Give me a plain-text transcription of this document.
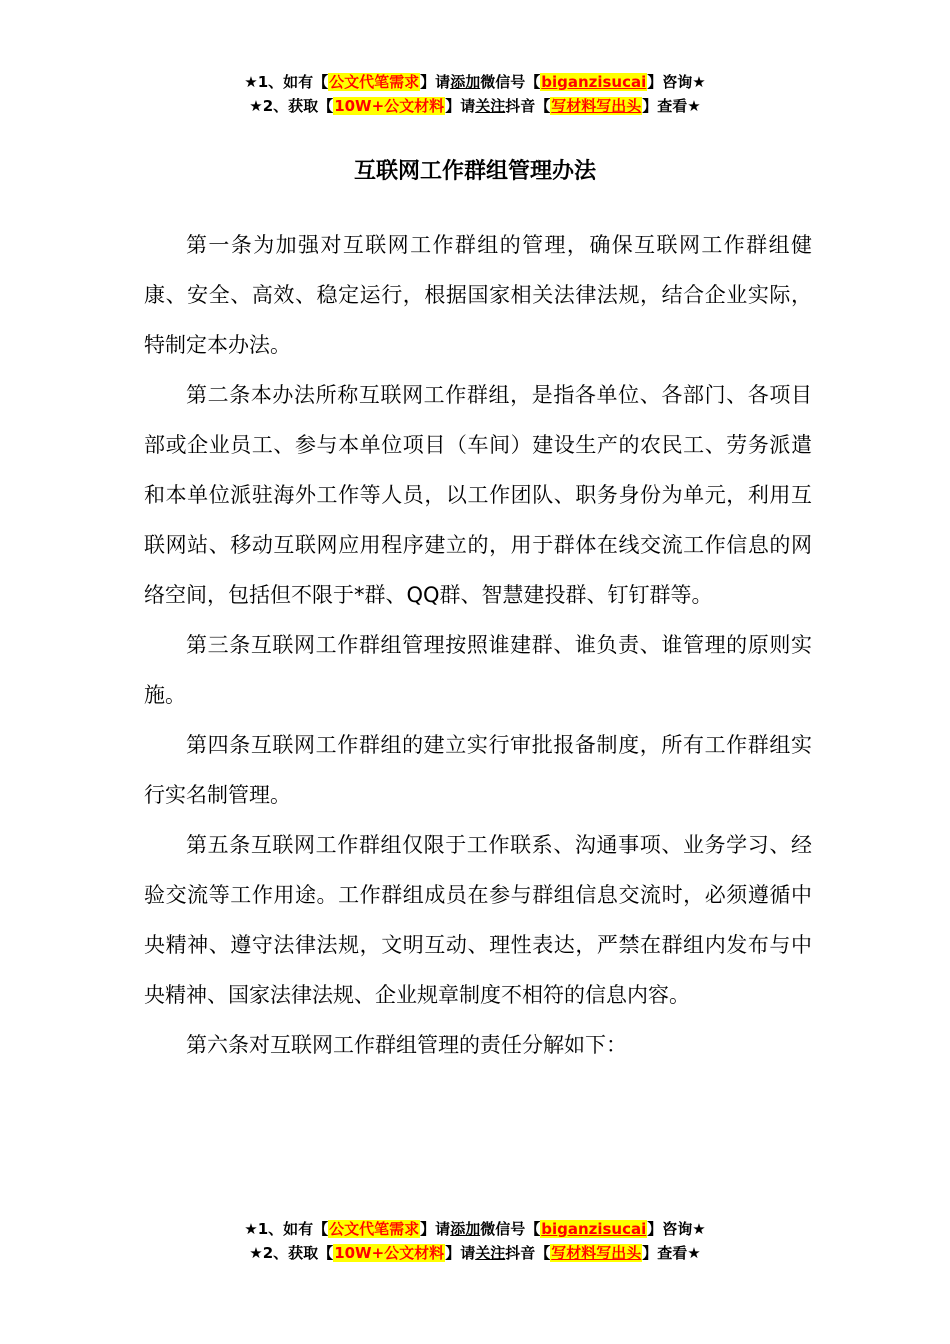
★1、如有【公文代笔需求】请添加微信号【biganzisucai】咨询★
★2、获取【10W+公文材料】请关注抖音【写材料写出头】查看★
互联网工作群组管理办法

第一条为加强对互联网工作群组的管理，确保互联网工作群组健康、安全、高效、稳定运行，根据国家相关法律法规，结合企业实际，特制定本办法。

第二条本办法所称互联网工作群组，是指各单位、各部门、各项目部或企业员工、参与本单位项目（车间）建设生产的农民工、劳务派遣和本单位派驻海外工作等人员，以工作团队、职务身份为单元，利用互联网站、移动互联网应用程序建立的，用于群体在线交流工作信息的网络空间，包括但不限于*群、QQ群、智慧建投群、钉钉群等。

第三条互联网工作群组管理按照谁建群、谁负责、谁管理的原则实施。

第四条互联网工作群组的建立实行审批报备制度，所有工作群组实行实名制管理。

第五条互联网工作群组仅限于工作联系、沟通事项、业务学习、经验交流等工作用途。工作群组成员在参与群组信息交流时，必须遵循中央精神、遵守法律法规，文明互动、理性表达，严禁在群组内发布与中央精神、国家法律法规、企业规章制度不相符的信息内容。

第六条对互联网工作群组管理的责任分解如下：

★1、如有【公文代笔需求】请添加微信号【biganzisucai】咨询★
★2、获取【10W+公文材料】请关注抖音【写材料写出头】查看★
